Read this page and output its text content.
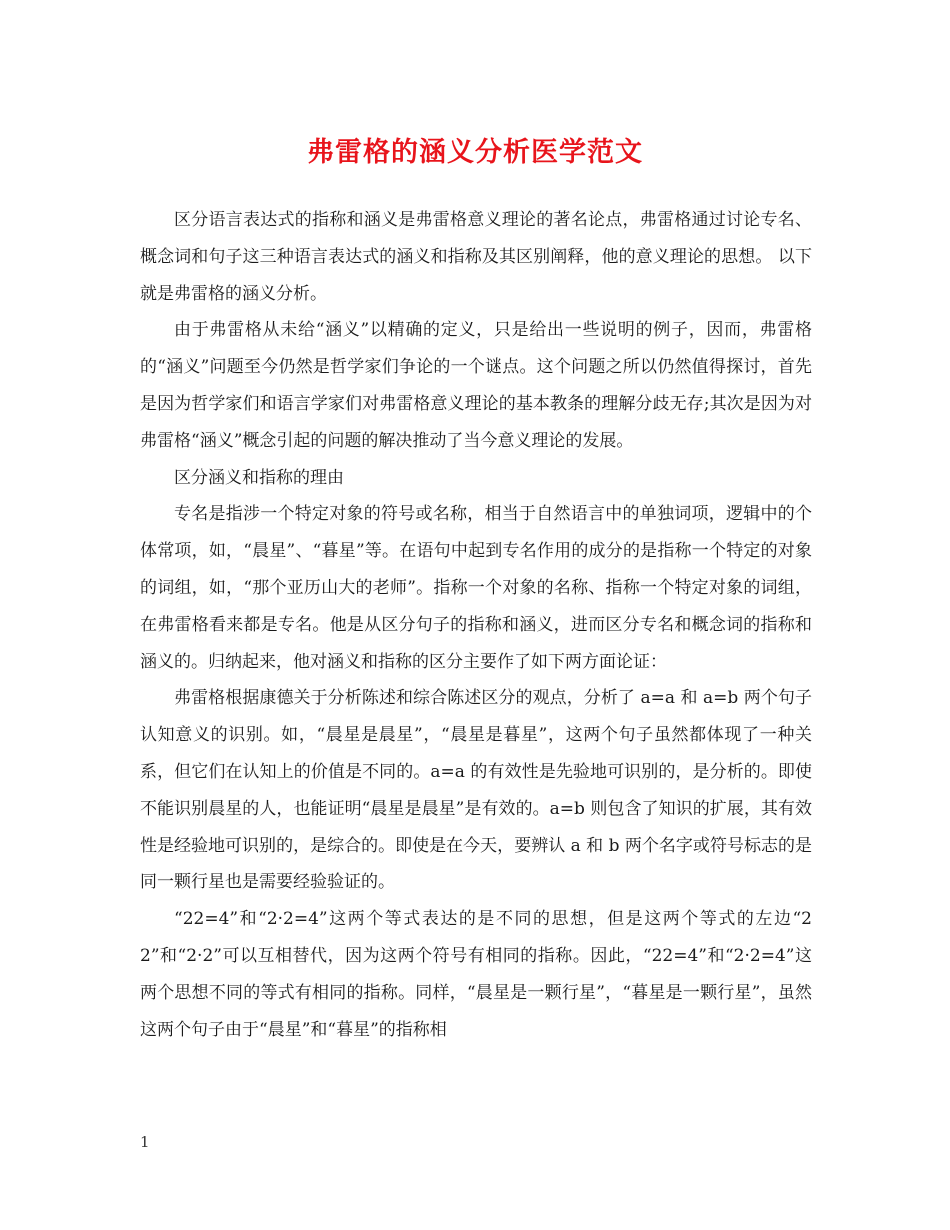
弗雷格的涵义分析医学范文

区分语言表达式的指称和涵义是弗雷格意义理论的著名论点，弗雷格通过讨论专名、概念词和句子这三种语言表达式的涵义和指称及其区别阐释，他的意义理论的思想。 以下就是弗雷格的涵义分析。

由于弗雷格从未给“涵义”以精确的定义，只是给出一些说明的例子，因而，弗雷格的“涵义”问题至今仍然是哲学家们争论的一个谜点。这个问题之所以仍然值得探讨，首先是因为哲学家们和语言学家们对弗雷格意义理论的基本教条的理解分歧无存;其次是因为对弗雷格“涵义”概念引起的问题的解决推动了当今意义理论的发展。

区分涵义和指称的理由

专名是指涉一个特定对象的符号或名称，相当于自然语言中的单独词项，逻辑中的个体常项，如，“晨星”、“暮星”等。在语句中起到专名作用的成分的是指称一个特定的对象的词组，如，“那个亚历山大的老师”。指称一个对象的名称、指称一个特定对象的词组，在弗雷格看来都是专名。他是从区分句子的指称和涵义，进而区分专名和概念词的指称和涵义的。归纳起来，他对涵义和指称的区分主要作了如下两方面论证：

弗雷格根据康德关于分析陈述和综合陈述区分的观点，分析了 a=a 和 a=b 两个句子认知意义的识别。如，“晨星是晨星”，“晨星是暮星”，这两个句子虽然都体现了一种关系，但它们在认知上的价值是不同的。a=a 的有效性是先验地可识别的，是分析的。即使不能识别晨星的人，也能证明“晨星是晨星”是有效的。a=b 则包含了知识的扩展，其有效性是经验地可识别的，是综合的。即使是在今天，要辨认 a 和 b 两个名字或符号标志的是同一颗行星也是需要经验验证的。

“22=4”和“2·2=4”这两个等式表达的是不同的思想，但是这两个等式的左边“22”和“2·2”可以互相替代，因为这两个符号有相同的指称。因此，“22=4”和“2·2=4”这两个思想不同的等式有相同的指称。同样，“晨星是一颗行星”，“暮星是一颗行星”，虽然这两个句子由于“晨星”和“暮星”的指称相

1
